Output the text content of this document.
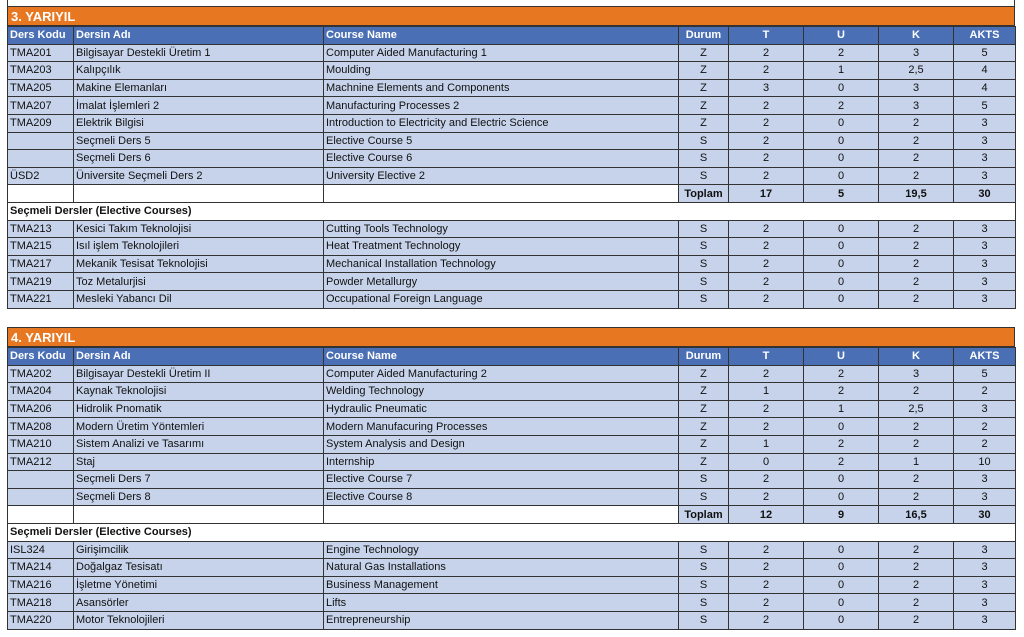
3. YARIYIL
Ders Kodu	Dersin Adı	Course Name	Durum	T	U	K	AKTS
TMA201	Bilgisayar Destekli Üretim 1	Computer Aided Manufacturing 1	Z	2	2	3	5
TMA203	Kalıpçılık	Moulding	Z	2	1	2,5	4
TMA205	Makine Elemanları	Machnine Elements and Components	Z	3	0	3	4
TMA207	İmalat İşlemleri 2	Manufacturing Processes 2	Z	2	2	3	5
TMA209	Elektrik Bilgisi	Introduction to Electricity and Electric Science	Z	2	0	2	3
	Seçmeli Ders 5	Elective Course 5	S	2	0	2	3
	Seçmeli Ders 6	Elective Course 6	S	2	0	2	3
ÜSD2	Üniversite Seçmeli Ders 2	University Elective 2	S	2	0	2	3
			Toplam	17	5	19,5	30
Seçmeli Dersler (Elective Courses)							
TMA213	Kesici Takım Teknolojisi	Cutting Tools Technology	S	2	0	2	3
TMA215	Isıl işlem Teknolojileri	Heat Treatment Technology	S	2	0	2	3
TMA217	Mekanik Tesisat Teknolojisi	Mechanical Installation Technology	S	2	0	2	3
TMA219	Toz Metalurjisi	Powder Metallurgy	S	2	0	2	3
TMA221	Mesleki Yabancı Dil	Occupational Foreign Language	S	2	0	2	3
4. YARIYIL
Ders Kodu	Dersin Adı	Course Name	Durum	T	U	K	AKTS
TMA202	Bilgisayar Destekli Üretim II	Computer Aided Manufacturing 2	Z	2	2	3	5
TMA204	Kaynak Teknolojisi	Welding Technology	Z	1	2	2	2
TMA206	Hidrolik Pnomatik	Hydraulic Pneumatic	Z	2	1	2,5	3
TMA208	Modern Üretim Yöntemleri	Modern Manufacuring Processes	Z	2	0	2	2
TMA210	Sistem Analizi ve Tasarımı	System Analysis and Design	Z	1	2	2	2
TMA212	Staj	Internship	Z	0	2	1	10
	Seçmeli Ders 7	Elective Course 7	S	2	0	2	3
	Seçmeli Ders 8	Elective Course 8	S	2	0	2	3
			Toplam	12	9	16,5	30
Seçmeli Dersler (Elective Courses)							
ISL324	Girişimcilik	Engine Technology	S	2	0	2	3
TMA214	Doğalgaz Tesisatı	Natural Gas Installations	S	2	0	2	3
TMA216	İşletme Yönetimi	Business Management	S	2	0	2	3
TMA218	Asansörler	Lifts	S	2	0	2	3
TMA220	Motor Teknolojileri	Entrepreneurship	S	2	0	2	3
